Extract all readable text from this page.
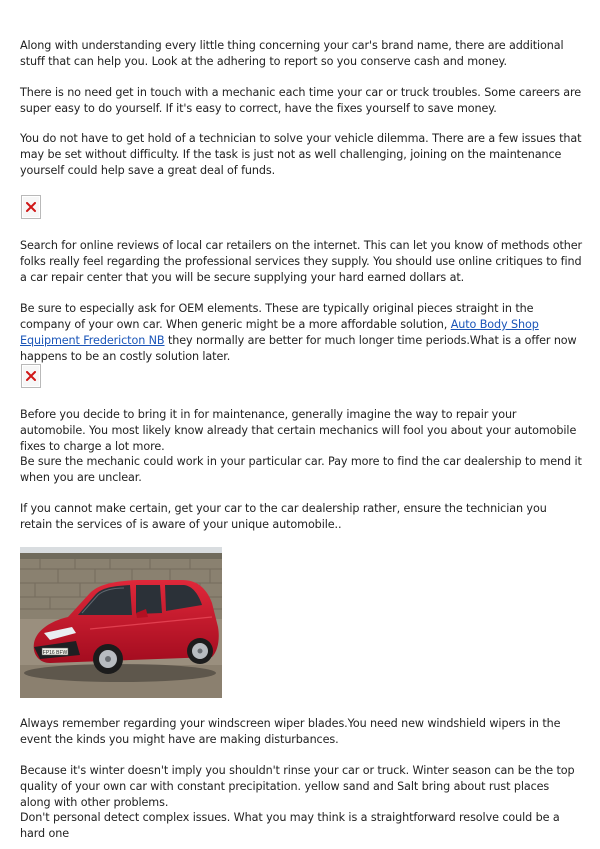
Along with understanding every little thing concerning your car's brand name, there are additional stuff that can help you. Look at the adhering to report so you conserve cash and money.

There is no need get in touch with a mechanic each time your car or truck troubles. Some careers are super easy to do yourself. If it's easy to correct, have the fixes yourself to save money.

You do not have to get hold of a technician to solve your vehicle dilemma. There are a few issues that may be set without difficulty. If the task is just not as well challenging, joining on the maintenance yourself could help save a great deal of funds.

Search for online reviews of local car retailers on the internet. This can let you know of methods other folks really feel regarding the professional services they supply. You should use online critiques to find a car repair center that you will be secure supplying your hard earned dollars at.

Be sure to especially ask for OEM elements. These are typically original pieces straight in the company of your own car. When generic might be a more affordable solution, Auto Body Shop Equipment Fredericton NB they normally are better for much longer time periods.What is a offer now happens to be an costly solution later.

Before you decide to bring it in for maintenance, generally imagine the way to repair your automobile. You most likely know already that certain mechanics will fool you about your automobile fixes to charge a lot more.

Be sure the mechanic could work in your particular car. Pay more to find the car dealership to mend it when you are unclear.

If you cannot make certain, get your car to the car dealership rather, ensure the technician you retain the services of is aware of your unique automobile..

FP16 BFW

Always remember regarding your windscreen wiper blades.You need new windshield wipers in the event the kinds you might have are making disturbances.

Because it's winter doesn't imply you shouldn't rinse your car or truck. Winter season can be the top quality of your own car with constant precipitation. yellow sand and Salt bring about rust places along with other problems.

Don't personal detect complex issues. What you may think is a straightforward resolve could be a hard one
